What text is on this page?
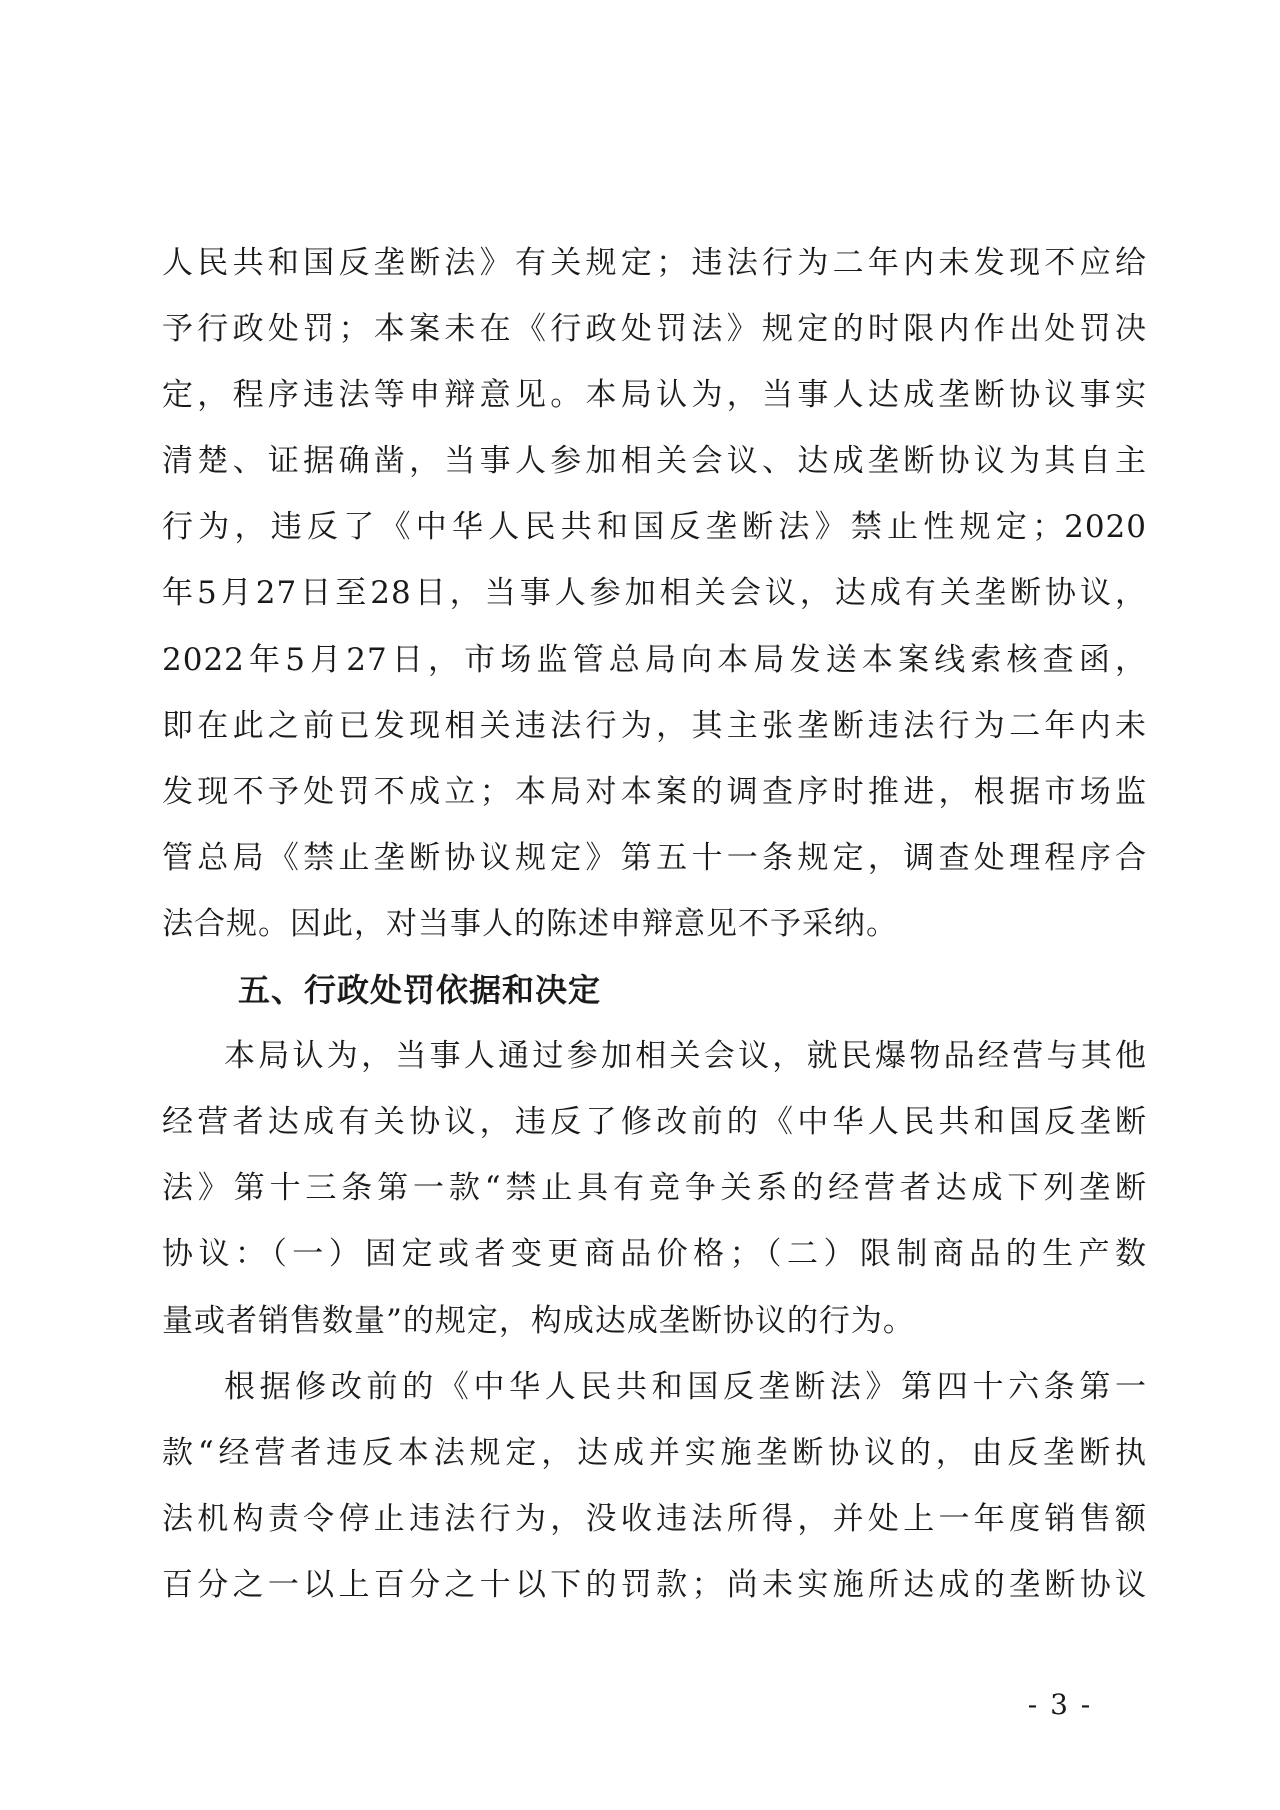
人民共和国反垄断法》有关规定；违法行为二年内未发现不应给
予行政处罚；本案未在《行政处罚法》规定的时限内作出处罚决
定，程序违法等申辩意见。本局认为，当事人达成垄断协议事实
清楚、证据确凿，当事人参加相关会议、达成垄断协议为其自主
行为，违反了《中华人民共和国反垄断法》禁止性规定；2020
年5月27日至28日，当事人参加相关会议，达成有关垄断协议，
2022年5月27日，市场监管总局向本局发送本案线索核查函，
即在此之前已发现相关违法行为，其主张垄断违法行为二年内未
发现不予处罚不成立；本局对本案的调查序时推进，根据市场监
管总局《禁止垄断协议规定》第五十一条规定，调查处理程序合
法合规。因此，对当事人的陈述申辩意见不予采纳。
五、行政处罚依据和决定
本局认为，当事人通过参加相关会议，就民爆物品经营与其他
经营者达成有关协议，违反了修改前的《中华人民共和国反垄断
法》第十三条第一款“禁止具有竞争关系的经营者达成下列垄断
协议：（一）固定或者变更商品价格；（二）限制商品的生产数
量或者销售数量”的规定，构成达成垄断协议的行为。
根据修改前的《中华人民共和国反垄断法》第四十六条第一
款“经营者违反本法规定，达成并实施垄断协议的，由反垄断执
法机构责令停止违法行为，没收违法所得，并处上一年度销售额
百分之一以上百分之十以下的罚款；尚未实施所达成的垄断协议
- 3 -
